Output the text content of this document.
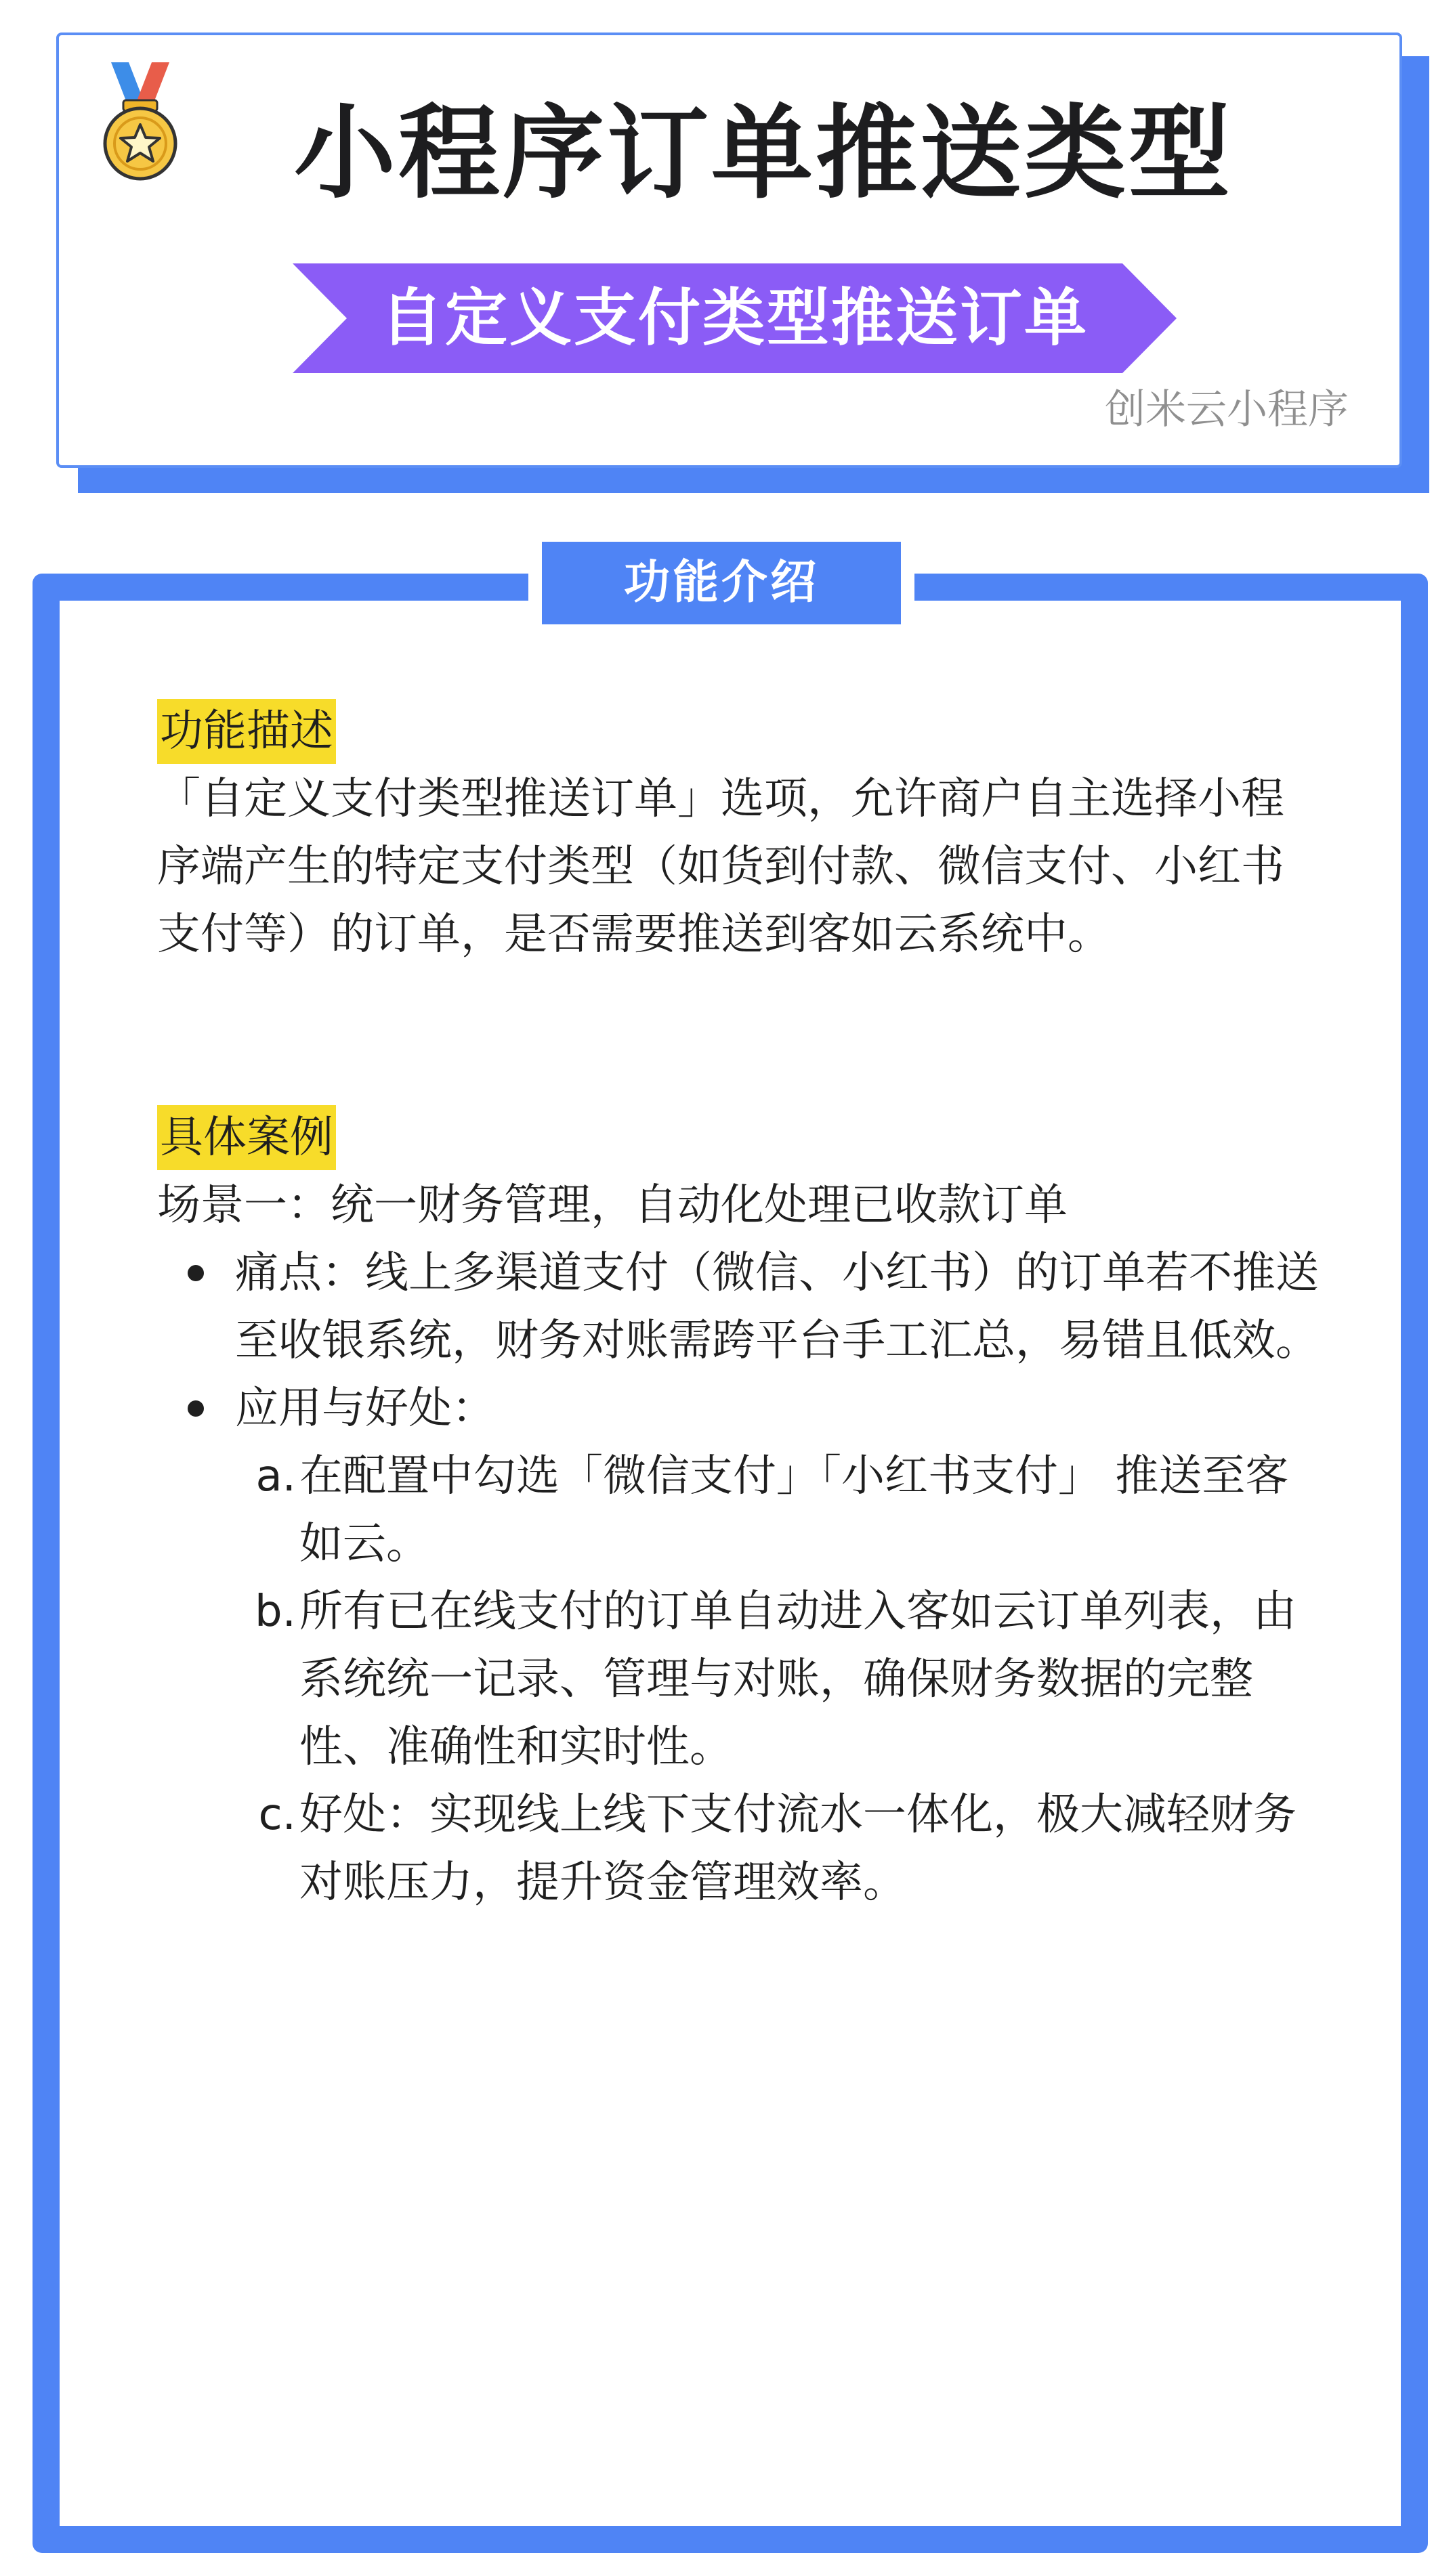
小程序订单推送类型
自定义支付类型推送订单
创米云小程序
功能介绍
功能描述

「自定义支付类型推送订单」选项，允许商户自主选择小程序端产生的特定支付类型（如货到付款、微信支付、小红书支付等）的订单，是否需要推送到客如云系统中。

具体案例

场景一：统一财务管理，自动化处理已收款订单

痛点：线上多渠道支付（微信、小红书）的订单若不推送至收银系统，财务对账需跨平台手工汇总，易错且低效。
应用与好处：
a. 在配置中勾选「微信支付」「小红书支付」 推送至客如云。
b. 所有已在线支付的订单自动进入客如云订单列表，由系统统一记录、管理与对账，确保财务数据的完整性、准确性和实时性。
c. 好处：实现线上线下支付流水一体化，极大减轻财务对账压力，提升资金管理效率。
